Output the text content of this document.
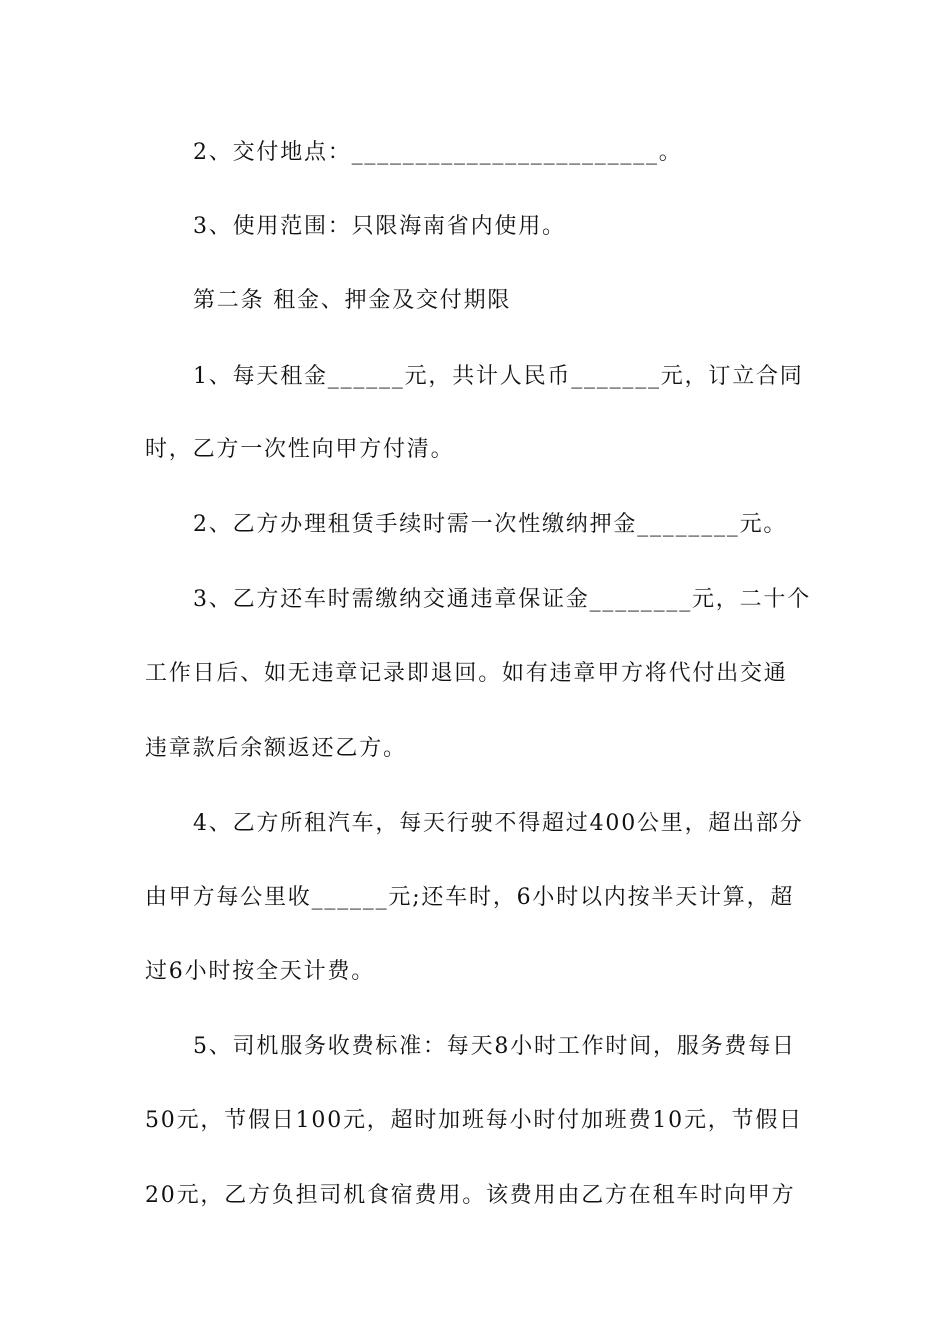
2、交付地点：________________________。
3、使用范围：只限海南省内使用。
第二条 租金、押金及交付期限
1、每天租金______元，共计人民币_______元，订立合同
时，乙方一次性向甲方付清。
2、乙方办理租赁手续时需一次性缴纳押金________元。
3、乙方还车时需缴纳交通违章保证金________元，二十个
工作日后、如无违章记录即退回。如有违章甲方将代付出交通
违章款后余额返还乙方。
4、乙方所租汽车，每天行驶不得超过400公里，超出部分
由甲方每公里收______元;还车时，6小时以内按半天计算，超
过6小时按全天计费。
5、司机服务收费标准：每天8小时工作时间，服务费每日
50元，节假日100元，超时加班每小时付加班费10元，节假日
20元，乙方负担司机食宿费用。该费用由乙方在租车时向甲方
